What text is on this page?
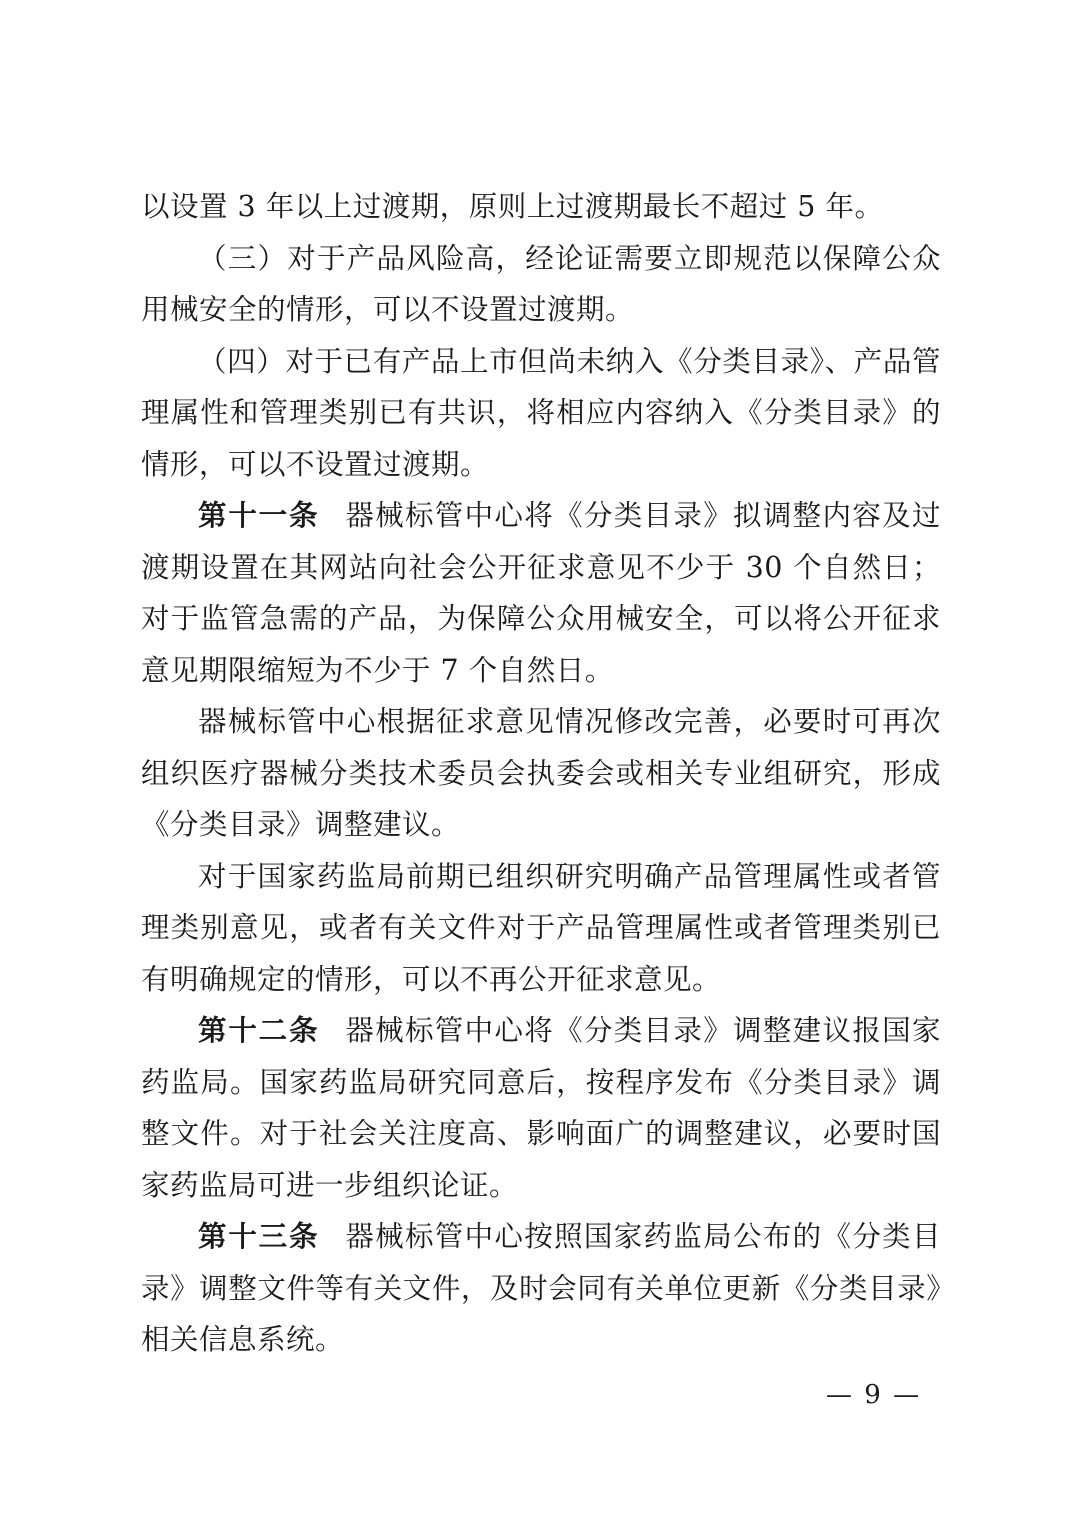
以设置 3 年以上过渡期，原则上过渡期最长不超过 5 年。

（三）对于产品风险高，经论证需要立即规范以保障公众用械安全的情形，可以不设置过渡期。

（四）对于已有产品上市但尚未纳入《分类目录》、产品管理属性和管理类别已有共识，将相应内容纳入《分类目录》的情形，可以不设置过渡期。

第十一条 器械标管中心将《分类目录》拟调整内容及过渡期设置在其网站向社会公开征求意见不少于 30 个自然日；对于监管急需的产品，为保障公众用械安全，可以将公开征求意见期限缩短为不少于 7 个自然日。

器械标管中心根据征求意见情况修改完善，必要时可再次组织医疗器械分类技术委员会执委会或相关专业组研究，形成《分类目录》调整建议。

对于国家药监局前期已组织研究明确产品管理属性或者管理类别意见，或者有关文件对于产品管理属性或者管理类别已有明确规定的情形，可以不再公开征求意见。

第十二条 器械标管中心将《分类目录》调整建议报国家药监局。国家药监局研究同意后，按程序发布《分类目录》调整文件。对于社会关注度高、影响面广的调整建议，必要时国家药监局可进一步组织论证。

第十三条 器械标管中心按照国家药监局公布的《分类目录》调整文件等有关文件，及时会同有关单位更新《分类目录》相关信息系统。

— 9 —
